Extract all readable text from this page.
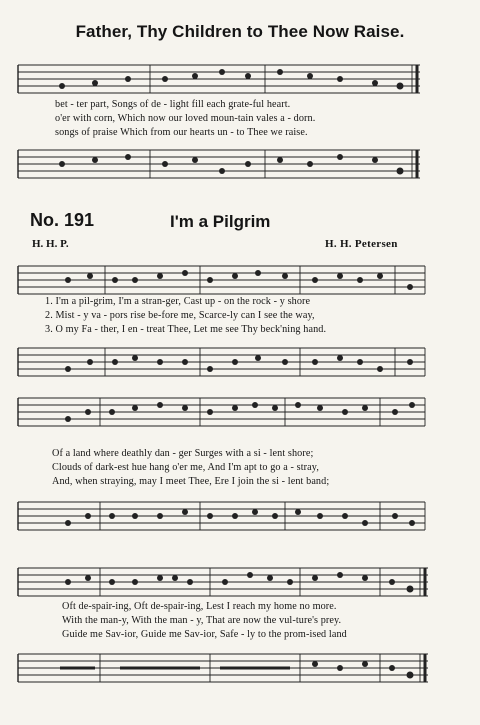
Father, Thy Children to Thee Now Raise.
bet - ter part, Songs of de - light fill each grate-ful heart.
o'er with corn, Which now our loved moun-tain vales a - dorn.
songs of praise Which from our hearts un - to Thee we raise.
No. 191	I'm a Pilgrim
H. H. P.	H. H. Petersen
1. I'm a pil-grim, I'm a stran-ger, Cast up - on the rock - y shore
2. Mist - y va - pors rise be-fore me, Scarce-ly can I see the way,
3. O my Fa - ther, I en - treat Thee, Let me see Thy beck'ning hand.
Of a land where deathly dan - ger Surges with a si - lent shore;
Clouds of dark-est hue hang o'er me, And I'm apt to go a - stray,
And, when straying, may I meet Thee, Ere I join the si - lent band;
Oft de-spair-ing, Oft de-spair-ing, Lest I reach my home no more.
With the man-y, With the man - y, That are now the vul-ture's prey.
Guide me Sav-ior, Guide me Sav-ior, Safe - ly to the prom-ised land
